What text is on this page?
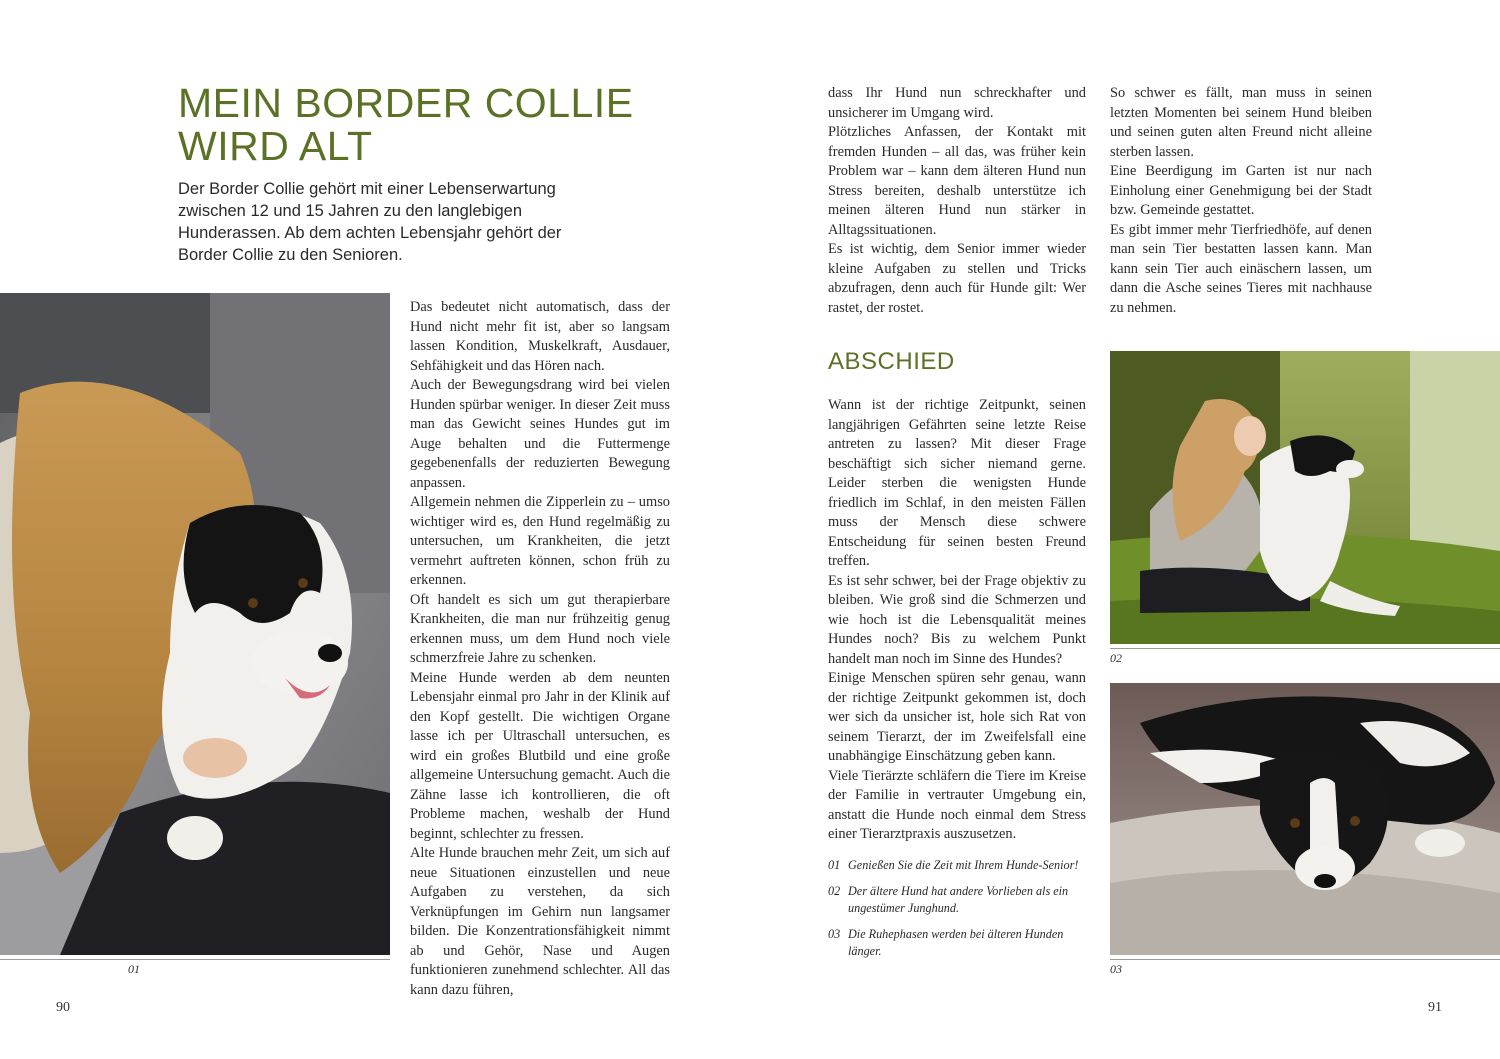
MEIN BORDER COLLIE
WIRD ALT

Der Border Collie gehört mit einer Lebenserwartung zwischen 12 und 15 Jahren zu den langlebigen Hunderassen. Ab dem achten Lebensjahr gehört der Border Collie zu den Senioren.

01

Das bedeutet nicht automatisch, dass der Hund nicht mehr fit ist, aber so langsam lassen Kondition, Muskelkraft, Ausdauer, Sehfähigkeit und das Hören nach.

Auch der Bewegungsdrang wird bei vielen Hunden spürbar weniger. In dieser Zeit muss man das Gewicht seines Hundes gut im Auge behalten und die Futtermenge gegebenenfalls der reduzierten Bewegung anpassen.

Allgemein nehmen die Zipperlein zu – umso wichtiger wird es, den Hund regelmäßig zu untersuchen, um Krankheiten, die jetzt vermehrt auftreten können, schon früh zu erkennen.

Oft handelt es sich um gut therapierbare Krankheiten, die man nur frühzeitig genug erkennen muss, um dem Hund noch viele schmerzfreie Jahre zu schenken.

Meine Hunde werden ab dem neunten Lebensjahr einmal pro Jahr in der Klinik auf den Kopf gestellt. Die wichtigen Organe lasse ich per Ultraschall untersuchen, es wird ein großes Blutbild und eine große allgemeine Untersuchung gemacht. Auch die Zähne lasse ich kontrollieren, die oft Probleme machen, weshalb der Hund beginnt, schlechter zu fressen.

Alte Hunde brauchen mehr Zeit, um sich auf neue Situationen einzustellen und neue Aufgaben zu verstehen, da sich Verknüpfungen im Gehirn nun langsamer bilden. Die Konzentrationsfähigkeit nimmt ab und Gehör, Nase und Augen funktionieren zunehmend schlechter. All das kann dazu führen,

90

dass Ihr Hund nun schreckhafter und unsicherer im Umgang wird.

Plötzliches Anfassen, der Kontakt mit fremden Hunden – all das, was früher kein Problem war – kann dem älteren Hund nun Stress bereiten, deshalb unterstütze ich meinen älteren Hund nun stärker in Alltagssituationen.

Es ist wichtig, dem Senior immer wieder kleine Aufgaben zu stellen und Tricks abzufragen, denn auch für Hunde gilt: Wer rastet, der rostet.

ABSCHIED

Wann ist der richtige Zeitpunkt, seinen langjährigen Gefährten seine letzte Reise antreten zu lassen? Mit dieser Frage beschäftigt sich sicher niemand gerne. Leider sterben die wenigsten Hunde friedlich im Schlaf, in den meisten Fällen muss der Mensch diese schwere Entscheidung für seinen besten Freund treffen.

Es ist sehr schwer, bei der Frage objektiv zu bleiben. Wie groß sind die Schmerzen und wie hoch ist die Lebensqualität meines Hundes noch? Bis zu welchem Punkt handelt man noch im Sinne des Hundes?

Einige Menschen spüren sehr genau, wann der richtige Zeitpunkt gekommen ist, doch wer sich da unsicher ist, hole sich Rat von seinem Tierarzt, der im Zweifelsfall eine unabhängige Einschätzung geben kann.

Viele Tierärzte schläfern die Tiere im Kreise der Familie in vertrauter Umgebung ein, anstatt die Hunde noch einmal dem Stress einer Tierarztpraxis auszusetzen.

01 Genießen Sie die Zeit mit Ihrem Hunde-Senior!
02 Der ältere Hund hat andere Vorlieben als ein ungestümer Junghund.
03 Die Ruhephasen werden bei älteren Hunden länger.

So schwer es fällt, man muss in seinen letzten Momenten bei seinem Hund bleiben und seinen guten alten Freund nicht alleine sterben lassen.

Eine Beerdigung im Garten ist nur nach Einholung einer Genehmigung bei der Stadt bzw. Gemeinde gestattet.

Es gibt immer mehr Tierfriedhöfe, auf denen man sein Tier bestatten lassen kann. Man kann sein Tier auch einäschern lassen, um dann die Asche seines Tieres mit nachhause zu nehmen.

02
03
91
